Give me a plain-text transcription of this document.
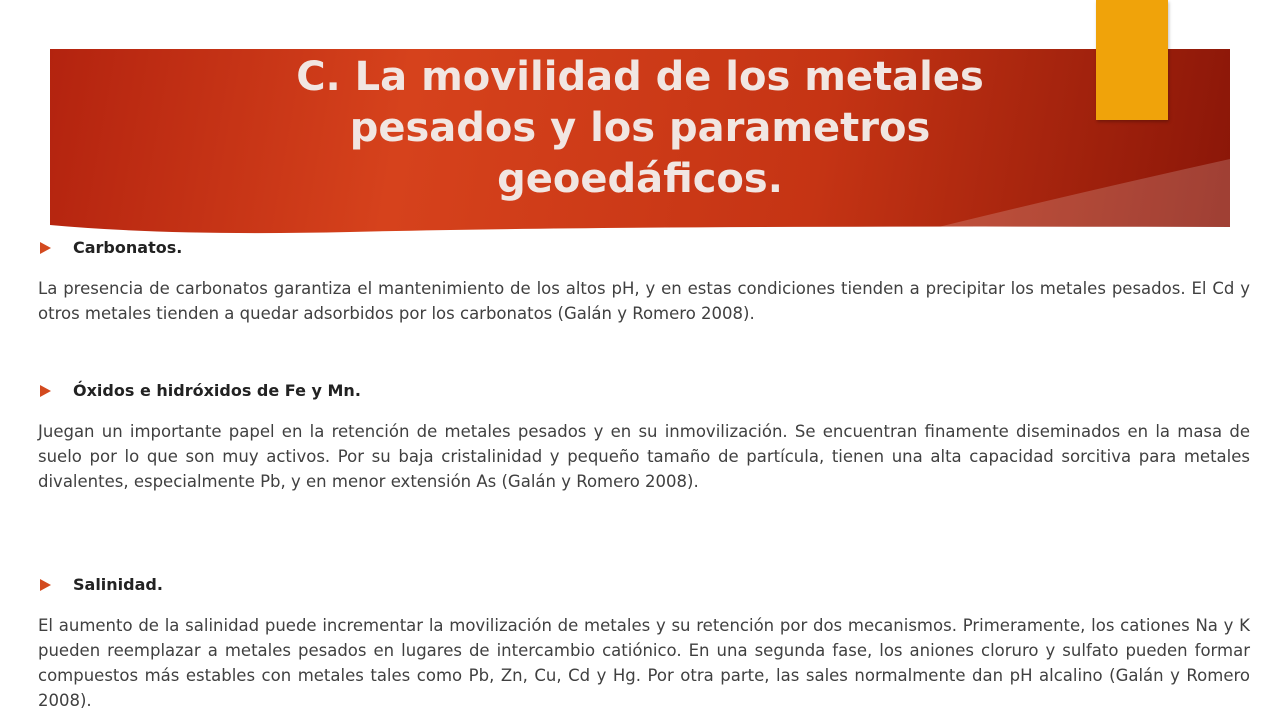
C. La movilidad de los metales pesados y los parametros geoedáficos.
Carbonatos.

La presencia de carbonatos garantiza el mantenimiento de los altos pH, y en estas condiciones tienden a precipitar los metales pesados. El Cd y otros metales tienden a quedar adsorbidos por los carbonatos (Galán y Romero 2008).

Óxidos e hidróxidos de Fe y Mn.

Juegan un importante papel en la retención de metales pesados y en su inmovilización. Se encuentran finamente diseminados en la masa de suelo por lo que son muy activos. Por su baja cristalinidad y pequeño tamaño de partícula, tienen una alta capacidad sorcitiva para metales divalentes, especialmente Pb, y en menor extensión As (Galán y Romero 2008).

Salinidad.

El aumento de la salinidad puede incrementar la movilización de metales y su retención por dos mecanismos. Primeramente, los cationes Na y K pueden reemplazar a metales pesados en lugares de intercambio catiónico. En una segunda fase, los aniones cloruro y sulfato pueden formar compuestos más estables con metales tales como Pb, Zn, Cu, Cd y Hg. Por otra parte, las sales normalmente dan pH alcalino (Galán y Romero 2008).
